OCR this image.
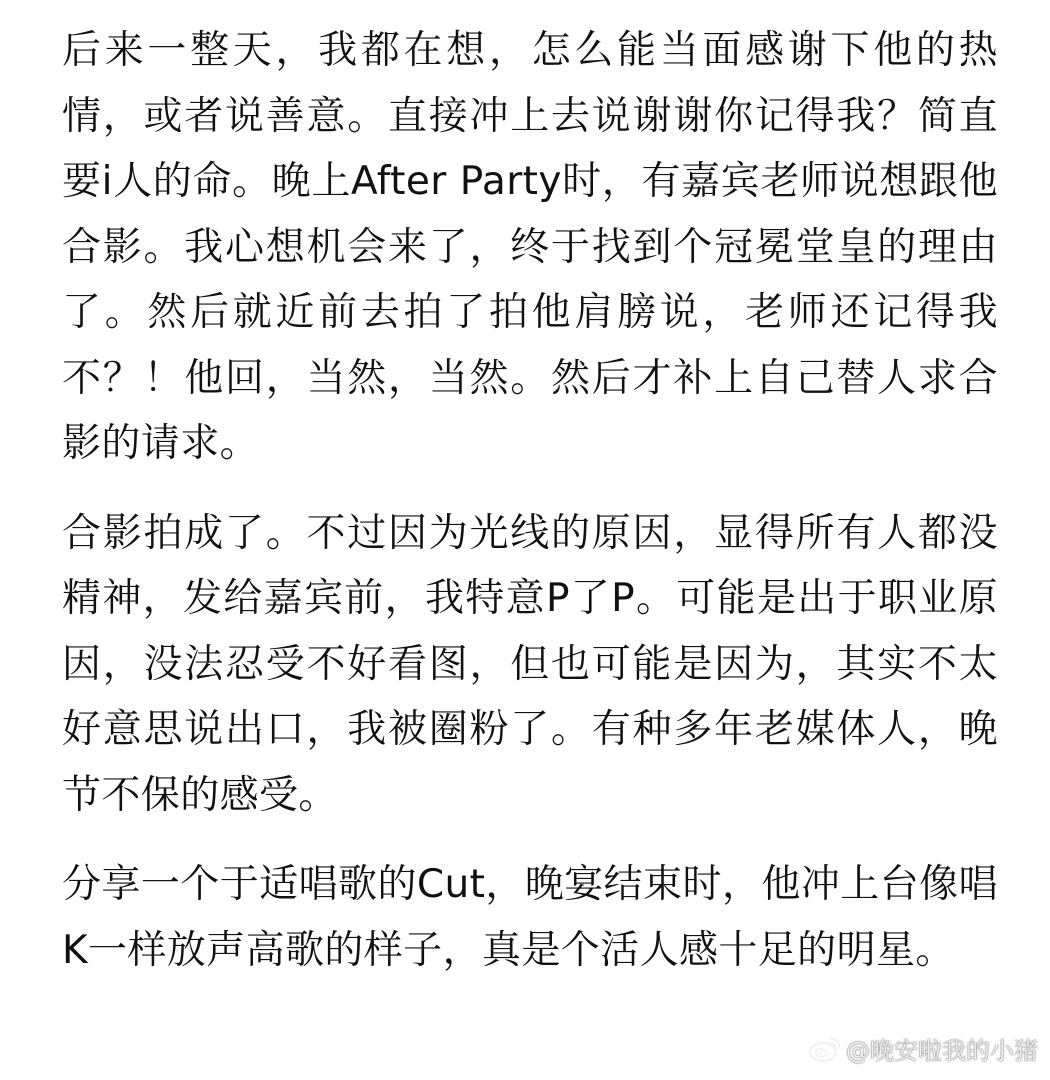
后来一整天，我都在想，怎么能当面感谢下他的热情，或者说善意。直接冲上去说谢谢你记得我？简直要i人的命。晚上After Party时，有嘉宾老师说想跟他合影。我心想机会来了，终于找到个冠冕堂皇的理由了。然后就近前去拍了拍他肩膀说，老师还记得我不？！他回，当然，当然。然后才补上自己替人求合影的请求。

合影拍成了。不过因为光线的原因，显得所有人都没精神，发给嘉宾前，我特意P了P。可能是出于职业原因，没法忍受不好看图，但也可能是因为，其实不太好意思说出口，我被圈粉了。有种多年老媒体人，晚节不保的感受。

分享一个于适唱歌的Cut，晚宴结束时，他冲上台像唱K一样放声高歌的样子，真是个活人感十足的明星。

@晚安啦我的小猪
